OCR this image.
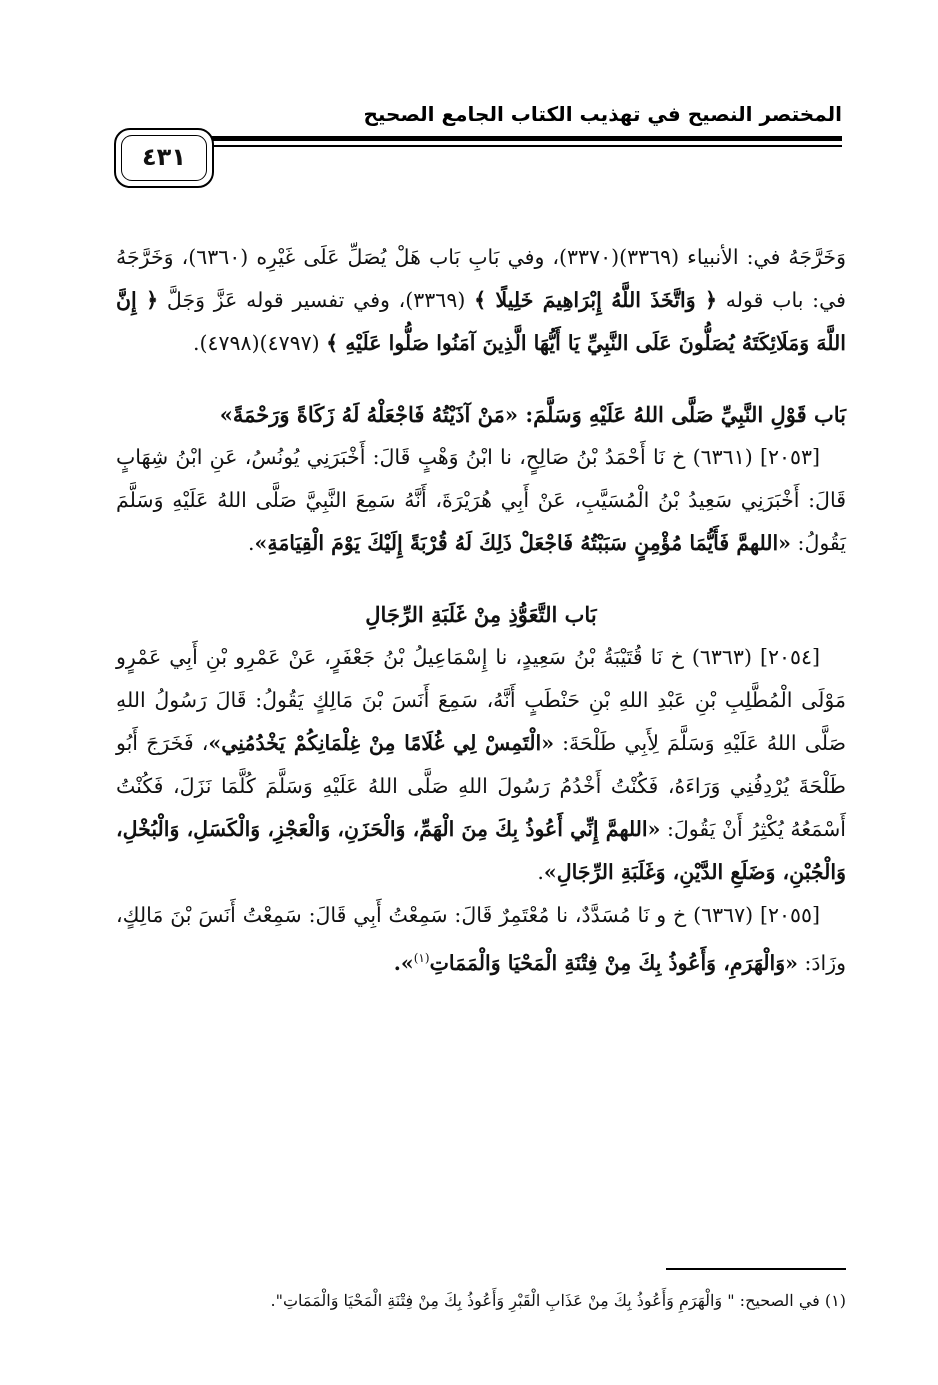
المختصر النصيح في تهذيب الكتاب الجامع الصحيح
٤٣١

وَخَرَّجَهُ في: الأنبياء (٣٣٦٩)(٣٣٧٠)، وفي بَابِ بَاب هَلْ يُصَلِّ عَلَى غَيْرِه (٦٣٦٠)، وَخَرَّجَهُ في: باب قوله ﴿ وَاتَّخَذَ اللَّهُ إِبْرَاهِيمَ خَلِيلًا ﴾ (٣٣٦٩)، وفي تفسير قوله عَزَّ وَجَلَّ ﴿ إِنَّ اللَّهَ وَمَلَائِكَتَهُ يُصَلُّونَ عَلَى النَّبِيِّ يَا أَيُّهَا الَّذِينَ آمَنُوا صَلُّوا عَلَيْهِ ﴾ (٤٧٩٧)(٤٧٩٨).

بَاب قَوْلِ النَّبِيِّ صَلَّى اللهُ عَلَيْهِ وَسَلَّمَ: «مَنْ آذَيْتُهُ فَاجْعَلْهُ لَهُ زَكَاةً وَرَحْمَةً»

[٢٠٥٣] (٦٣٦١) خ نَا أَحْمَدُ بْنُ صَالِحٍ، نا ابْنُ وَهْبٍ قَالَ: أَخْبَرَنِي يُونُسُ، عَنِ ابْنُ شِهَابٍ قَالَ: أَخْبَرَنِي سَعِيدُ بْنُ الْمُسَيَّبِ، عَنْ أَبِي هُرَيْرَةَ، أَنَّهُ سَمِعَ النَّبِيَّ صَلَّى اللهُ عَلَيْهِ وَسَلَّمَ يَقُولُ: «اللهمَّ فَأَيُّمَا مُؤْمِنٍ سَبَبْتُهُ فَاجْعَلْ ذَلِكَ لَهُ قُرْبَةً إِلَيْكَ يَوْمَ الْقِيَامَةِ».

بَاب التَّعَوُّذِ مِنْ غَلَبَةِ الرِّجَالِ

[٢٠٥٤] (٦٣٦٣) خ نَا قُتَيْبَةُ بْنُ سَعِيدٍ، نا إِسْمَاعِيلُ بْنُ جَعْفَرٍ، عَنْ عَمْرِو بْنِ أَبِي عَمْرٍو مَوْلَى الْمُطَّلِبِ بْنِ عَبْدِ اللهِ بْنِ حَنْطَبٍ أَنَّهُ، سَمِعَ أَنَسَ بْنَ مَالِكٍ يَقُولُ: قَالَ رَسُولُ اللهِ صَلَّى اللهُ عَلَيْهِ وَسَلَّمَ لِأَبِي طَلْحَةَ: «الْتَمِسْ لِي غُلَامًا مِنْ غِلْمَانِكُمْ يَخْدُمُنِي»، فَخَرَجَ أَبُو طَلْحَةَ يُرْدِفُنِي وَرَاءَهُ، فَكُنْتُ أَخْدُمُ رَسُولَ اللهِ صَلَّى اللهُ عَلَيْهِ وَسَلَّمَ كُلَّمَا نَزَلَ، فَكُنْتُ أَسْمَعُهُ يُكْثِرُ أَنْ يَقُولَ: «اللهمَّ إِنِّي أَعُوذُ بِكَ مِنَ الْهَمِّ، وَالْحَزَنِ، وَالْعَجْزِ، وَالْكَسَلِ، وَالْبُخْلِ، وَالْجُبْنِ، وَضَلَعِ الدَّيْنِ، وَغَلَبَةِ الرِّجَالِ».

[٢٠٥٥] (٦٣٦٧) خ و نَا مُسَدَّدٌ، نا مُعْتَمِرٌ قَالَ: سَمِعْتُ أَبِي قَالَ: سَمِعْتُ أَنَسَ بْنَ مَالِكٍ، وزَادَ: «وَالْهَرَمِ، وَأَعُوذُ بِكَ مِنْ فِتْنَةِ الْمَحْيَا وَالْمَمَاتِ$^{(١)}$».

(١) في الصحيح: " وَالْهَرَمِ وَأَعُوذُ بِكَ مِنْ عَذَابِ الْقَبْرِ وَأَعُوذُ بِكَ مِنْ فِتْنَةِ الْمَحْيَا وَالْمَمَاتِ".
